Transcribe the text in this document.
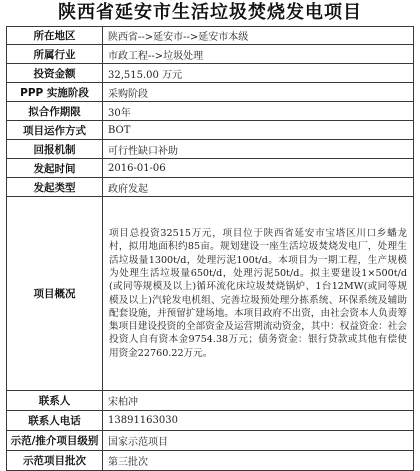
陕西省延安市生活垃圾焚烧发电项目
所在地区	陕西省-->延安市-->延安市本级
所属行业	市政工程-->垃圾处理
投资金额	32,515.00 万元
PPP 实施阶段	采购阶段
拟合作期限	30年
项目运作方式	BOT
回报机制	可行性缺口补助
发起时间	2016-01-06
发起类型	政府发起
项目概况	项目总投资32515万元，项目位于陕西省延安市宝塔区川口乡蟠龙村，拟用地面积约85亩。规划建设一座生活垃圾焚烧发电厂，处理生活垃圾量1300t/d，处理污泥100t/d。本项目为一期工程，生产规模为处理生活垃圾量650t/d，处理污泥50t/d。拟主要建设1×500t/d(或同等规模及以上)循环流化床垃圾焚烧锅炉、1台12MW(或同等规模及以上)汽轮发电机组、完善垃圾预处理分拣系统、环保系统及辅助配套设施，并预留扩建场地。本项目政府不出资，由社会资本人负责筹集项目建设投资的全部资金及运营期流动资金，其中：权益资金：社会投资人自有资本金9754.38万元；债务资金：银行贷款或其他有偿使用资金22760.22万元。
联系人	宋柏冲
联系人电话	13891163030
示范/推介项目级别	国家示范项目
示范项目批次	第三批次
